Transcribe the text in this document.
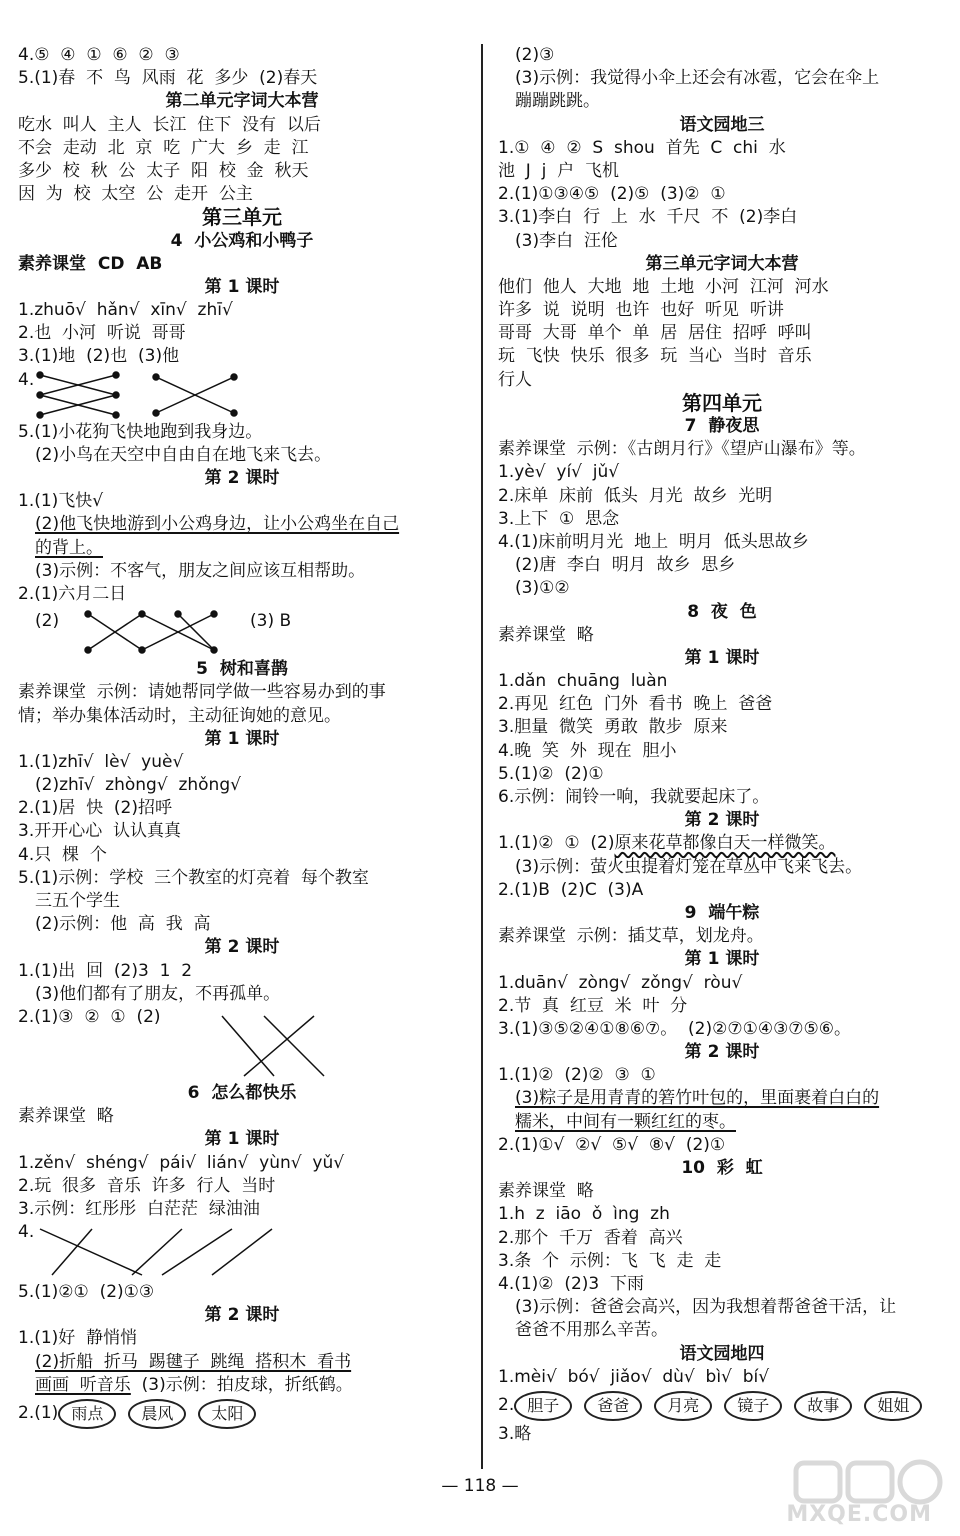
4.⑤  ④  ①  ⑥  ②  ③
5.(1)春  不  鸟  风雨  花  多少  (2)春天
第二单元字词大本营
吃水  叫人  主人  长江  住下  没有  以后
不会  走动  北  京  吃  广大  乡  走  江
多少  校  秋  公  太子  阳  校  金  秋天
因  为  校  太空  公  走开  公主
第三单元
4  小公鸡和小鸭子
素养课堂  CD  AB
第 1 课时
1.zhuō√  hǎn√  xīn√  zhī√
2.也  小河  听说  哥哥
3.(1)地  (2)也  (3)他
4.
5.(1)小花狗飞快地跑到我身边。
(2)小鸟在天空中自由自在地飞来飞去。
第 2 课时
1.(1)飞快√
(2)他飞快地游到小公鸡身边，让小公鸡坐在自己
的背上。
(3)示例：不客气，朋友之间应该互相帮助。
2.(1)六月二日
(2)	(3) B
5  树和喜鹊
素养课堂  示例：请她帮同学做一些容易办到的事
情；举办集体活动时，主动征询她的意见。
第 1 课时
1.(1)zhī√  lè√  yuè√
(2)zhī√  zhòng√  zhǒng√
2.(1)居  快  (2)招呼
3.开开心心  认认真真
4.只  棵  个
5.(1)示例：学校  三个教室的灯亮着  每个教室
三五个学生
(2)示例：他  高  我  高
第 2 课时
1.(1)出  回  (2)3  1  2
(3)他们都有了朋友，不再孤单。
2.(1)③  ②  ①  (2)
6  怎么都快乐
素养课堂  略
第 1 课时
1.zěn√  shéng√  pái√  lián√  yùn√  yǔ√
2.玩  很多  音乐  许多  行人  当时
3.示例：红彤彤  白茫茫  绿油油
4.
5.(1)②①  (2)①③
第 2 课时
1.(1)好  静悄悄
(2)折船  折马  踢毽子  跳绳  搭积木  看书
画画  听音乐 (3)示例：拍皮球，折纸鹤。
2.(1) 雨点	晨风	太阳
(2)③
(3)示例：我觉得小伞上还会有冰雹，它会在伞上
蹦蹦跳跳。
语文园地三
1.①  ④  ②  S  shou  首先  C  chi  水
池  J  j  户  飞机
2.(1)①③④⑤  (2)⑤  (3)②  ①
3.(1)李白  行  上  水  千尺  不  (2)李白
(3)李白  汪伦
第三单元字词大本营
他们  他人  大地  地  土地  小河  江河  河水
许多  说  说明  也许  也好  听见  听讲
哥哥  大哥  单个  单  居  居住  招呼  呼叫
玩  飞快  快乐  很多  玩  当心  当时  音乐
行人
第四单元
7  静夜思
素养课堂  示例：《古朗月行》《望庐山瀑布》等。
1.yè√  yí√  jǔ√
2.床单  床前  低头  月光  故乡  光明
3.上下  ①  思念
4.(1)床前明月光  地上  明月  低头思故乡
(2)唐  李白  明月  故乡  思乡
(3)①②
8  夜  色
素养课堂  略
第 1 课时
1.dǎn  chuāng  luàn
2.再见  红色  门外  看书  晚上  爸爸
3.胆量  微笑  勇敢  散步  原来
4.晚  笑  外  现在  胆小
5.(1)②  (2)①
6.示例：闹铃一响，我就要起床了。
第 2 课时
1.(1)②  ①  (2)原来花草都像白天一样微笑。
(3)示例：萤火虫提着灯笼在草丛中飞来飞去。
2.(1)B  (2)C  (3)A
9  端午粽
素养课堂  示例：插艾草，划龙舟。
第 1 课时
1.duān√  zòng√  zǒng√  ròu√
2.节  真  红豆  米  叶  分
3.(1)③⑤②④①⑧⑥⑦。  (2)②⑦①④③⑦⑤⑥。
第 2 课时
1.(1)②  (2)②  ③  ①
(3)粽子是用青青的箬竹叶包的，里面裹着白白的
糯米，中间有一颗红红的枣。
2.(1)①√  ②√  ⑤√  ⑧√  (2)①
10  彩  虹
素养课堂  略
1.h  z  iāo  ǒ  ìng  zh
2.那个  千万  香着  高兴
3.条  个  示例：飞  飞  走  走
4.(1)②  (2)3  下雨
(3)示例：爸爸会高兴，因为我想着帮爸爸干活，让
爸爸不用那么辛苦。
语文园地四
1.mèi√  bó√  jiǎo√  dù√  bì√  bí√
2. 胆子	爸爸	月亮	镜子	故事	姐姐
3.略
— 118 —
MXQE.COM
